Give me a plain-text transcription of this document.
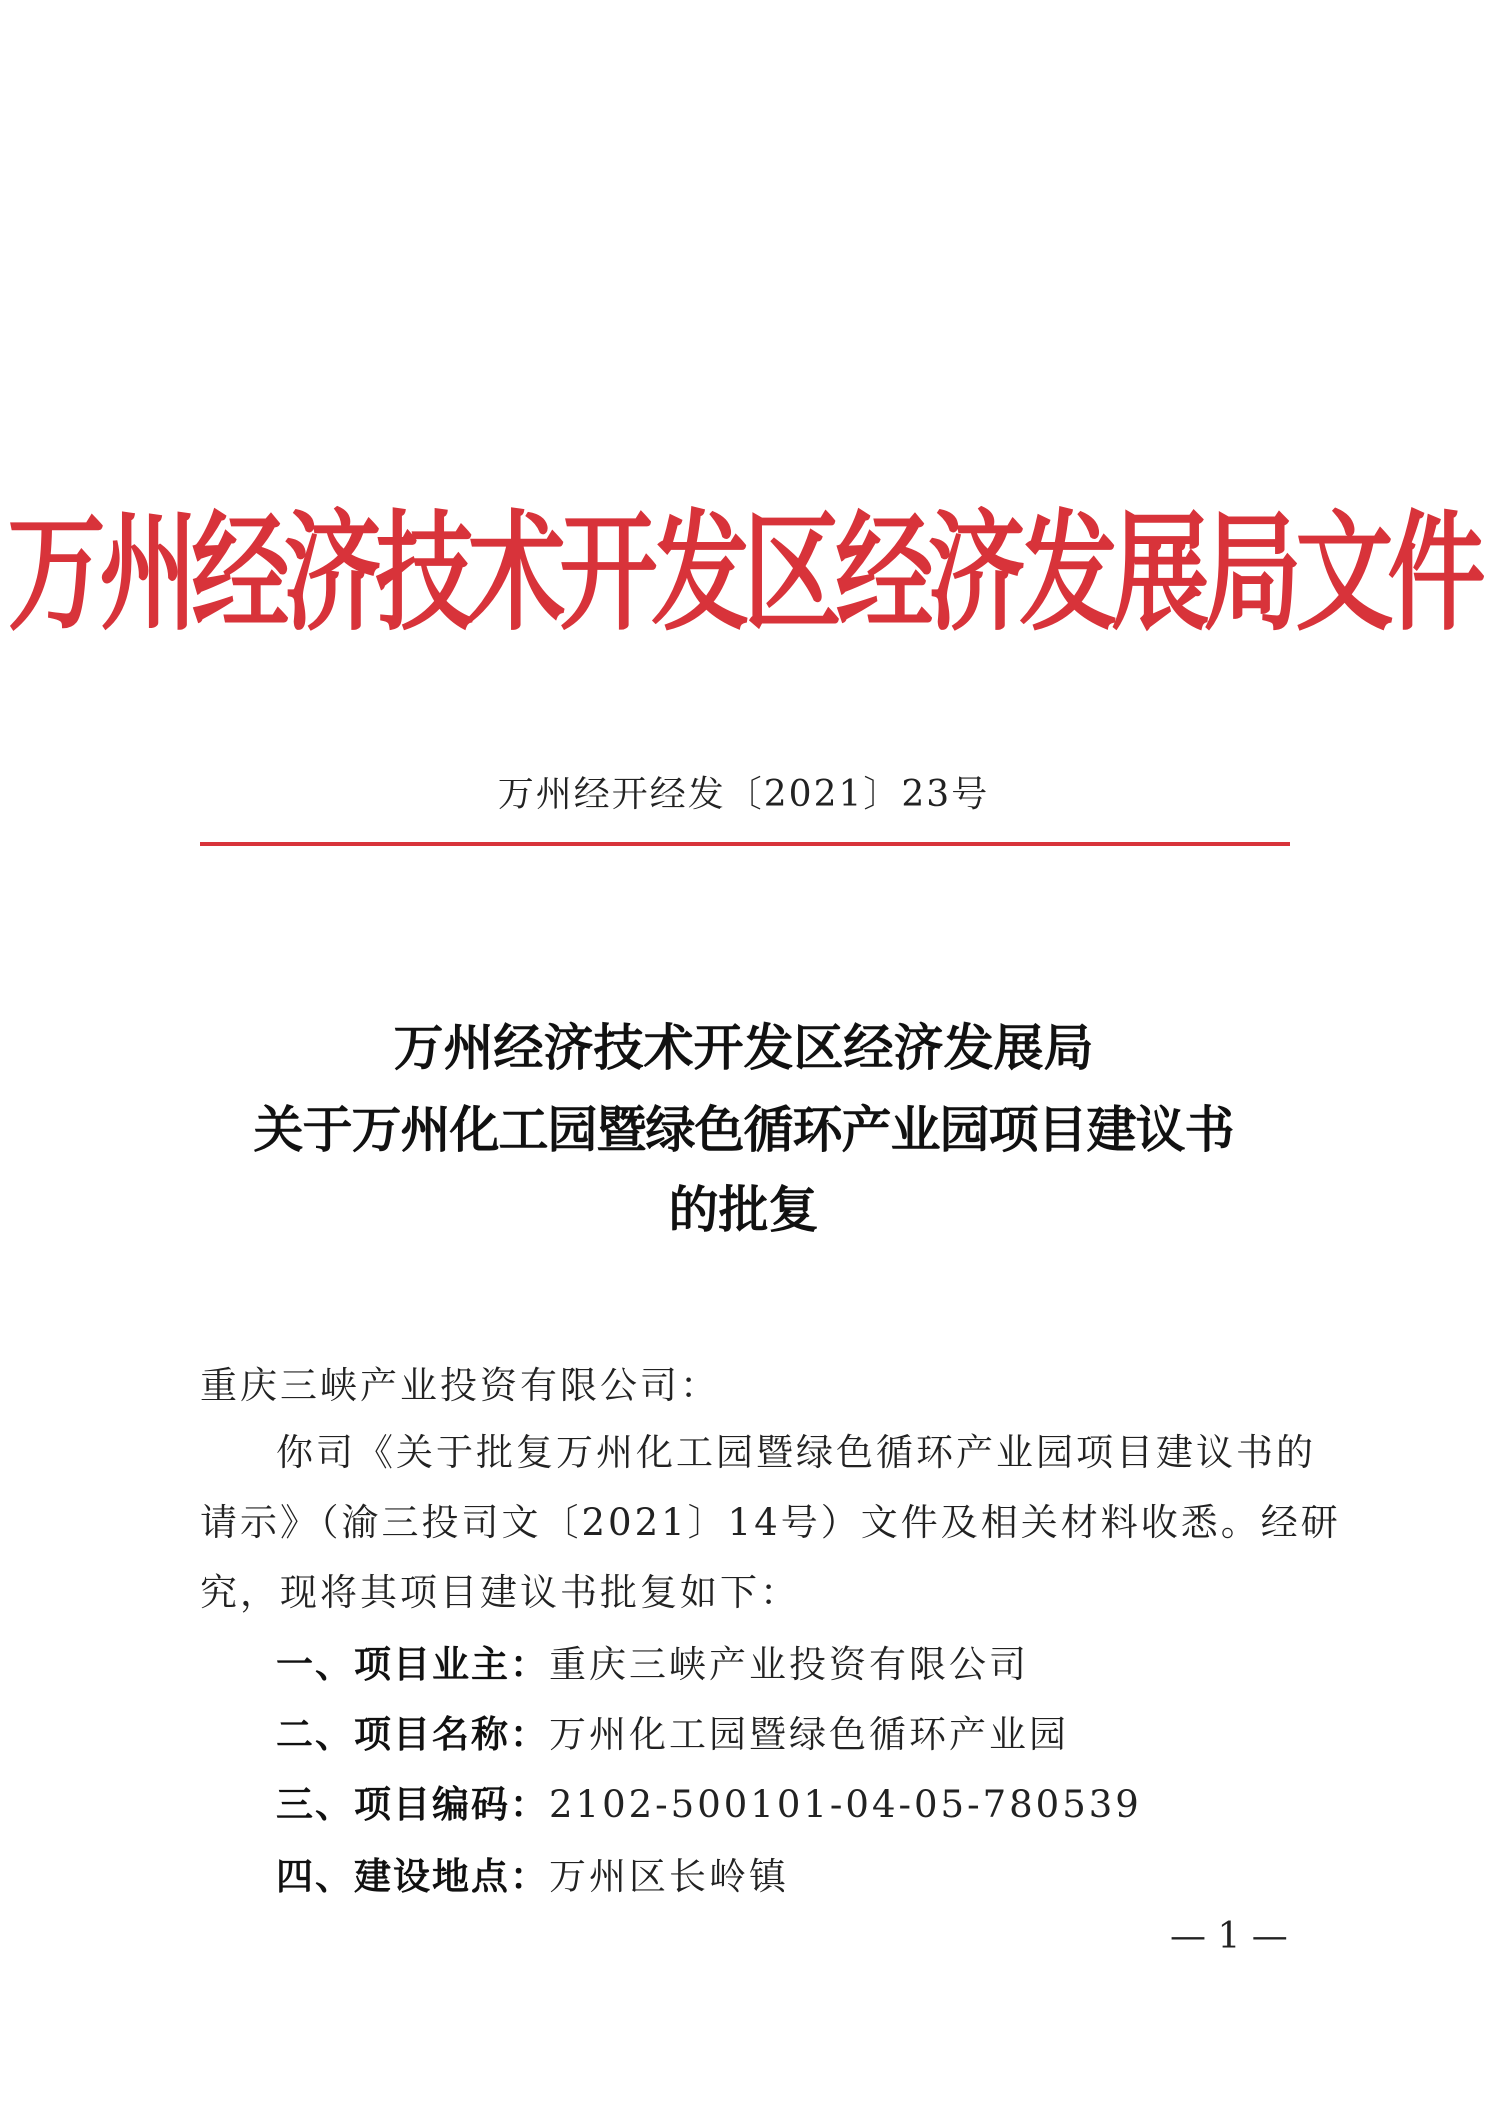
万州经济技术开发区经济发展局文件
万州经开经发〔2021〕23号
万州经济技术开发区经济发展局
关于万州化工园暨绿色循环产业园项目建议书
的批复
重庆三峡产业投资有限公司：
你司《关于批复万州化工园暨绿色循环产业园项目建议书的
请示》（渝三投司文〔2021〕14号）文件及相关材料收悉。经研
究，现将其项目建议书批复如下：
一、项目业主：重庆三峡产业投资有限公司
二、项目名称：万州化工园暨绿色循环产业园
三、项目编码：2102-500101-04-05-780539
四、建设地点：万州区长岭镇
— 1 —
